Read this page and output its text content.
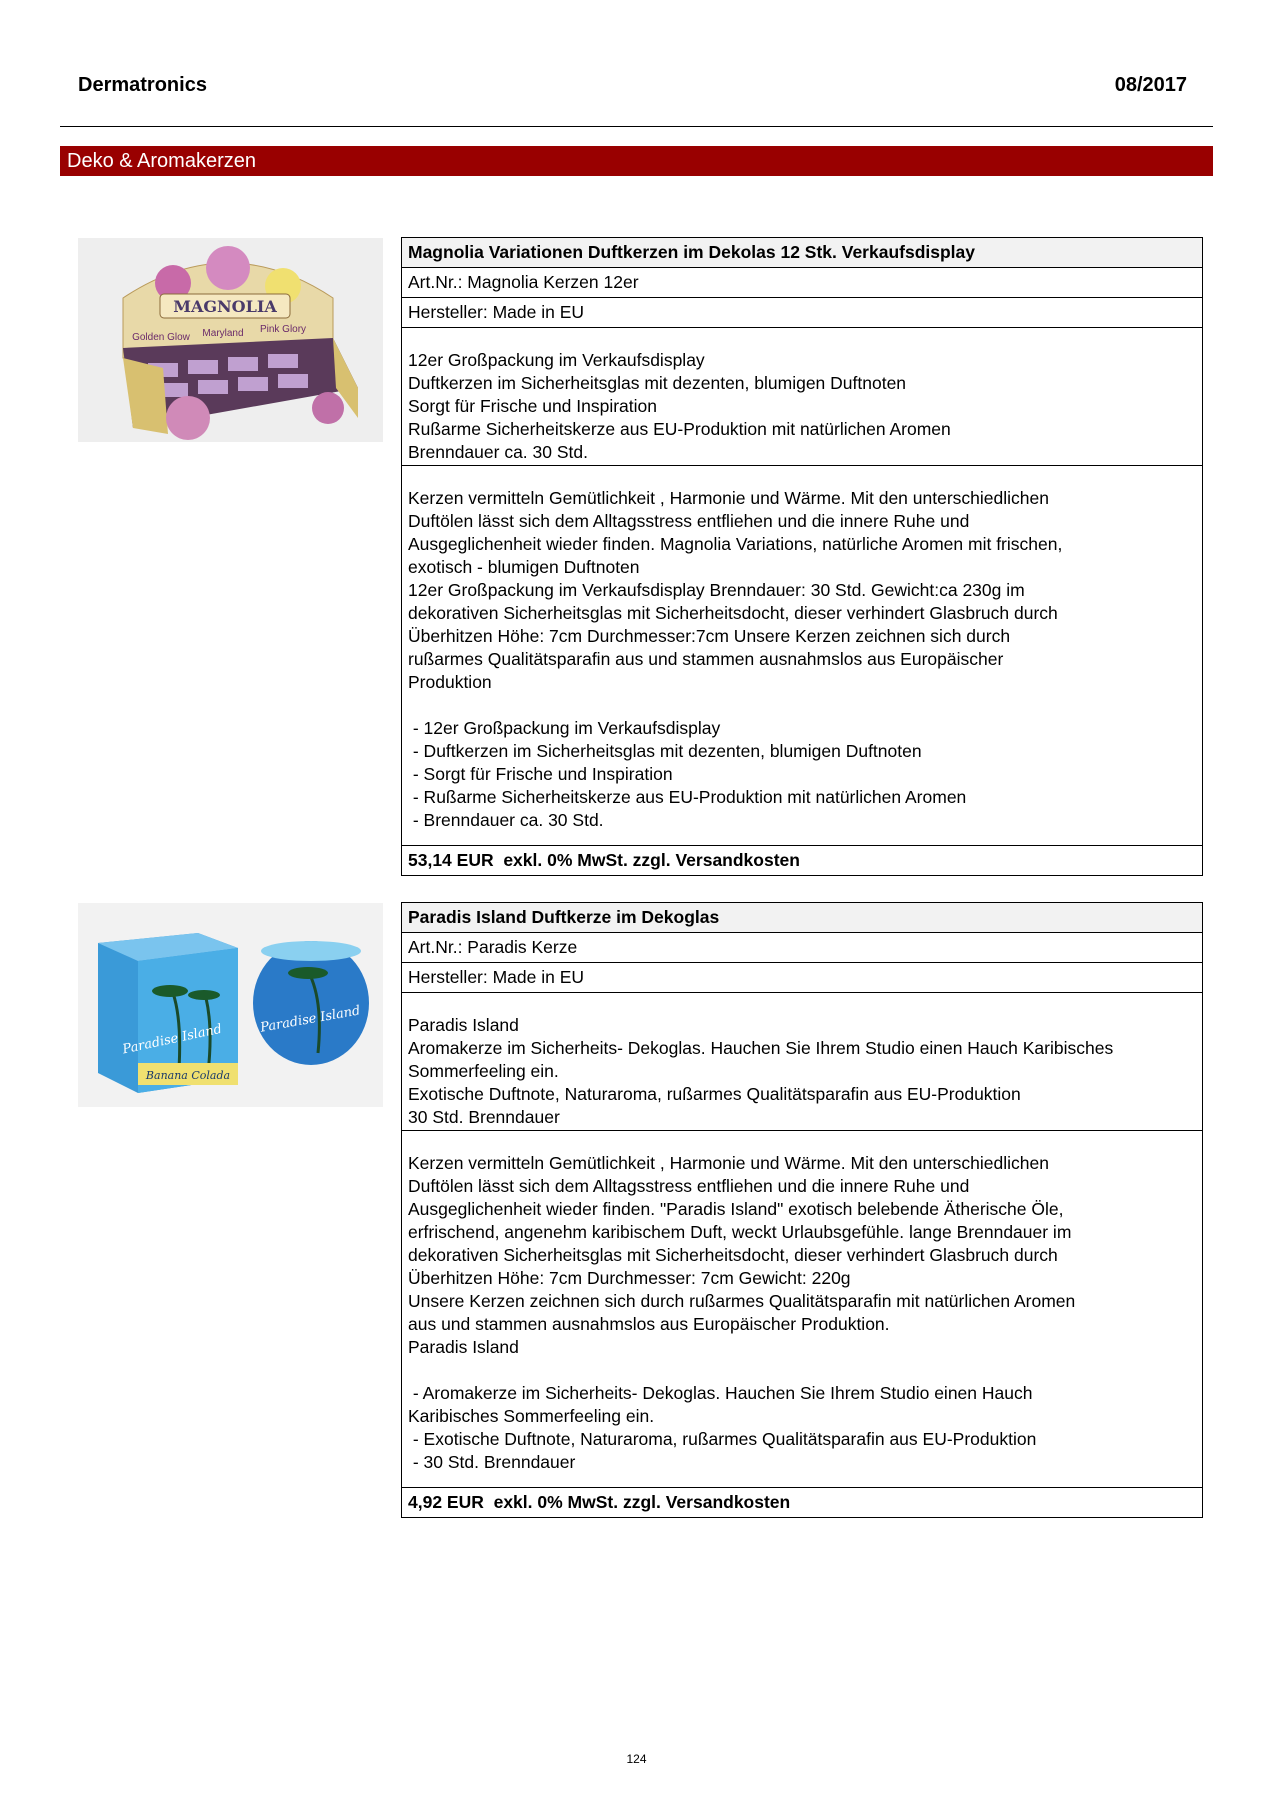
Dermatronics	08/2017
Deko & Aromakerzen
MAGNOLIA
Golden Glow Maryland Pink Glory
Magnolia Variationen Duftkerzen im Dekolas 12 Stk. Verkaufsdisplay
Art.Nr.: Magnolia Kerzen 12er
Hersteller: Made in EU
12er Großpackung im Verkaufsdisplay
Duftkerzen im Sicherheitsglas mit dezenten, blumigen Duftnoten
Sorgt für Frische und Inspiration
Rußarme Sicherheitskerze aus EU-Produktion mit natürlichen Aromen
Brenndauer ca. 30 Std.
Kerzen vermitteln Gemütlichkeit , Harmonie und Wärme. Mit den unterschiedlichen
Duftölen lässt sich dem Alltagsstress entfliehen und die innere Ruhe und
Ausgeglichenheit wieder finden. Magnolia Variations, natürliche Aromen mit frischen,
exotisch - blumigen Duftnoten
12er Großpackung im Verkaufsdisplay Brenndauer: 30 Std. Gewicht:ca 230g im
dekorativen Sicherheitsglas mit Sicherheitsdocht, dieser verhindert Glasbruch durch
Überhitzen Höhe: 7cm Durchmesser:7cm Unsere Kerzen zeichnen sich durch
rußarmes Qualitätsparafin aus und stammen ausnahmslos aus Europäischer
Produktion
- 12er Großpackung im Verkaufsdisplay
- Duftkerzen im Sicherheitsglas mit dezenten, blumigen Duftnoten
- Sorgt für Frische und Inspiration
- Rußarme Sicherheitskerze aus EU-Produktion mit natürlichen Aromen
- Brenndauer ca. 30 Std.
53,14 EUR  exkl. 0% MwSt. zzgl. Versandkosten
Banana Colada
Paradise Island
Paradise Island
Paradis Island Duftkerze im Dekoglas
Art.Nr.: Paradis Kerze
Hersteller: Made in EU
Paradis Island
Aromakerze im Sicherheits- Dekoglas. Hauchen Sie Ihrem Studio einen Hauch Karibisches
Sommerfeeling ein.
Exotische Duftnote, Naturaroma, rußarmes Qualitätsparafin aus EU-Produktion
30 Std. Brenndauer
Kerzen vermitteln Gemütlichkeit , Harmonie und Wärme. Mit den unterschiedlichen
Duftölen lässt sich dem Alltagsstress entfliehen und die innere Ruhe und
Ausgeglichenheit wieder finden. "Paradis Island" exotisch belebende Ätherische Öle,
erfrischend, angenehm karibischem Duft, weckt Urlaubsgefühle. lange Brenndauer im
dekorativen Sicherheitsglas mit Sicherheitsdocht, dieser verhindert Glasbruch durch
Überhitzen Höhe: 7cm Durchmesser: 7cm Gewicht: 220g
Unsere Kerzen zeichnen sich durch rußarmes Qualitätsparafin mit natürlichen Aromen
aus und stammen ausnahmslos aus Europäischer Produktion.
Paradis Island
- Aromakerze im Sicherheits- Dekoglas. Hauchen Sie Ihrem Studio einen Hauch
Karibisches Sommerfeeling ein.
- Exotische Duftnote, Naturaroma, rußarmes Qualitätsparafin aus EU-Produktion
- 30 Std. Brenndauer
4,92 EUR  exkl. 0% MwSt. zzgl. Versandkosten
124
